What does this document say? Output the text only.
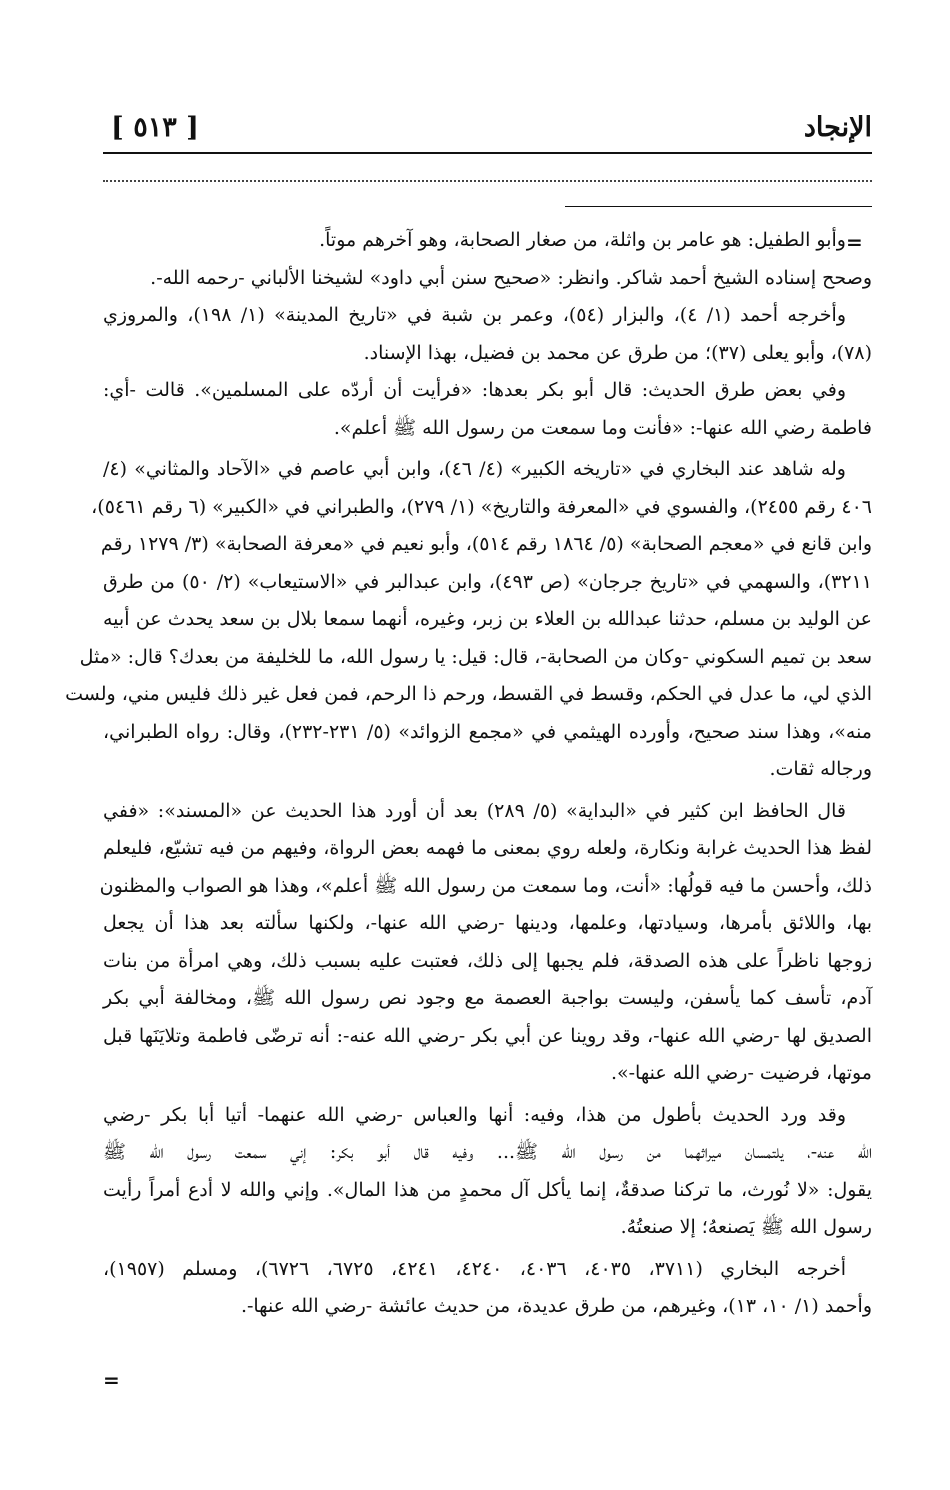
الإنجاد
[ ٥١٣ ]
=
وأبو الطفيل: هو عامر بن واثلة، من صغار الصحابة، وهو آخرهم موتاً.
وصحح إسناده الشيخ أحمد شاكر. وانظر: «صحيح سنن أبي داود» لشيخنا الألباني -رحمه الله-.
وأخرجه أحمد (١/ ٤)، والبزار (٥٤)، وعمر بن شبة في «تاريخ المدينة» (١/ ١٩٨)، والمروزي
(٧٨)، وأبو يعلى (٣٧)؛ من طرق عن محمد بن فضيل، بهذا الإسناد.
وفي بعض طرق الحديث: قال أبو بكر بعدها: «فرأيت أن أردّه على المسلمين». قالت -أي:
فاطمة رضي الله عنها-: «فأنت وما سمعت من رسول الله ﷺ أعلم».
وله شاهد عند البخاري في «تاريخه الكبير» (٤/ ٤٦)، وابن أبي عاصم في «الآحاد والمثاني» (٤/
٤٠٦ رقم ٢٤٥٥)، والفسوي في «المعرفة والتاريخ» (١/ ٢٧٩)، والطبراني في «الكبير» (٦ رقم ٥٤٦١)،
وابن قانع في «معجم الصحابة» (٥/ ١٨٦٤ رقم ٥١٤)، وأبو نعيم في «معرفة الصحابة» (٣/ ١٢٧٩ رقم
٣٢١١)، والسهمي في «تاريخ جرجان» (ص ٤٩٣)، وابن عبدالبر في «الاستيعاب» (٢/ ٥٠) من طرق
عن الوليد بن مسلم، حدثنا عبدالله بن العلاء بن زبر، وغيره، أنهما سمعا بلال بن سعد يحدث عن أبيه
سعد بن تميم السكوني -وكان من الصحابة-، قال: قيل: يا رسول الله، ما للخليفة من بعدك؟ قال: «مثل
الذي لي، ما عدل في الحكم، وقسط في القسط، ورحم ذا الرحم، فمن فعل غير ذلك فليس مني، ولست
منه»، وهذا سند صحيح، وأورده الهيثمي في «مجمع الزوائد» (٥/ ٢٣١-٢٣٢)، وقال: رواه الطبراني،
ورجاله ثقات.
قال الحافظ ابن كثير في «البداية» (٥/ ٢٨٩) بعد أن أورد هذا الحديث عن «المسند»: «ففي
لفظ هذا الحديث غرابة ونكارة، ولعله روي بمعنى ما فهمه بعض الرواة، وفيهم من فيه تشيّع، فليعلم
ذلك، وأحسن ما فيه قولُها: «أنت، وما سمعت من رسول الله ﷺ أعلم»، وهذا هو الصواب والمظنون
بها، واللائق بأمرها، وسيادتها، وعلمها، ودينها -رضي الله عنها-، ولكنها سألته بعد هذا أن يجعل
زوجها ناظراً على هذه الصدقة، فلم يجبها إلى ذلك، فعتبت عليه بسبب ذلك، وهي امرأة من بنات
آدم، تأسف كما يأسفن، وليست بواجبة العصمة مع وجود نص رسول الله ﷺ، ومخالفة أبي بكر
الصديق لها -رضي الله عنها-، وقد روينا عن أبي بكر -رضي الله عنه-: أنه ترضّى فاطمة وتلايَنَها قبل
موتها، فرضيت -رضي الله عنها-».
وقد ورد الحديث بأطول من هذا، وفيه: أنها والعباس -رضي الله عنهما- أتيا أبا بكر -رضي
الله عنه-، يلتمسان ميراثهما من رسول الله ﷺ... وفيه قال أبو بكر: إني سمعت رسول الله ﷺ
يقول: «لا نُورث، ما تركنا صدقةٌ، إنما يأكل آل محمدٍ من هذا المال». وإني والله لا أدع أمراً رأيت
رسول الله ﷺ يَصنعهُ؛ إلا صنعتُهُ.
أخرجه البخاري (٣٧١١، ٤٠٣٥، ٤٠٣٦، ٤٢٤٠، ٤٢٤١، ٦٧٢٥، ٦٧٢٦)، ومسلم (١٩٥٧)،
وأحمد (١/ ١٠، ١٣)، وغيرهم، من طرق عديدة، من حديث عائشة -رضي الله عنها-.
=
